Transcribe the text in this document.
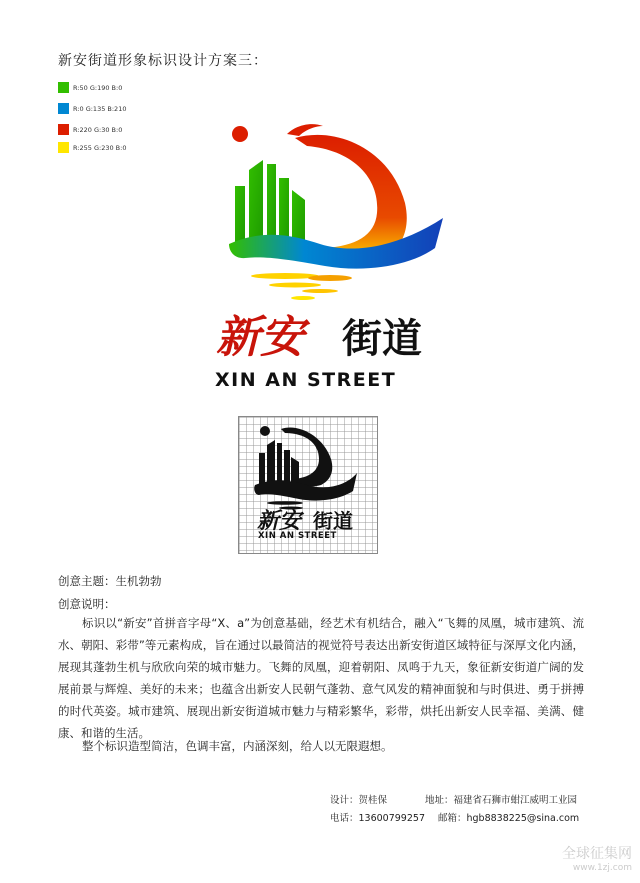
新安街道形象标识设计方案三：
R:50 G:190 B:0
R:0 G:135 B:210
R:220 G:30 B:0
R:255 G:230 B:0
新安 街道
XIN AN STREET
新安 街道
XIN AN STREET
创意主题：生机勃勃
创意说明：
标识以“新安”首拼音字母“X、a”为创意基础，经艺术有机结合，融入“飞舞的凤凰，城市建筑、流水、朝阳、彩带”等元素构成，旨在通过以最简洁的视觉符号表达出新安街道区域特征与深厚文化内涵，展现其蓬勃生机与欣欣向荣的城市魅力。飞舞的凤凰，迎着朝阳、凤鸣于九天，象征新安街道广阔的发展前景与辉煌、美好的未来；也蕴含出新安人民朝气蓬勃、意气风发的精神面貌和与时俱进、勇于拼搏的时代英姿。城市建筑、展现出新安街道城市魅力与精彩繁华，彩带，烘托出新安人民幸福、美满、健康、和谐的生活。
整个标识造型简洁，色调丰富，内涵深刻，给人以无限遐想。
设计：贺桂保	地址：福建省石狮市蚶江威明工业园
电话：13600799257 邮箱：hgb8838225@sina.com
全球征集网
www.1zj.com
